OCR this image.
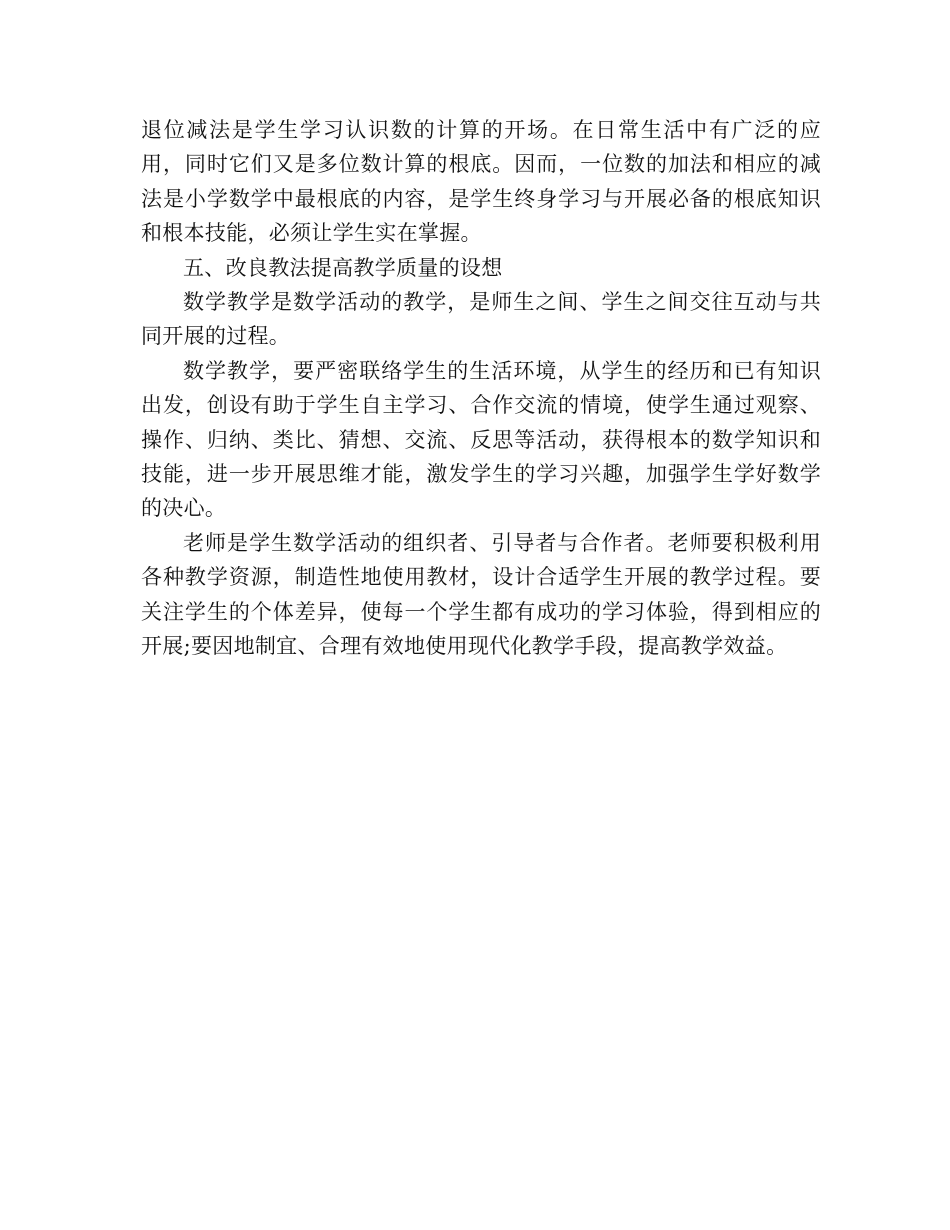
退位减法是学生学习认识数的计算的开场。在日常生活中有广泛的应用，同时它们又是多位数计算的根底。因而，一位数的加法和相应的减法是小学数学中最根底的内容，是学生终身学习与开展必备的根底知识和根本技能，必须让学生实在掌握。

五、改良教法提高教学质量的设想

数学教学是数学活动的教学，是师生之间、学生之间交往互动与共同开展的过程。

数学教学，要严密联络学生的生活环境，从学生的经历和已有知识出发，创设有助于学生自主学习、合作交流的情境，使学生通过观察、操作、归纳、类比、猜想、交流、反思等活动，获得根本的数学知识和技能，进一步开展思维才能，激发学生的学习兴趣，加强学生学好数学的决心。

老师是学生数学活动的组织者、引导者与合作者。老师要积极利用各种教学资源，制造性地使用教材，设计合适学生开展的教学过程。要关注学生的个体差异，使每一个学生都有成功的学习体验，得到相应的开展;要因地制宜、合理有效地使用现代化教学手段，提高教学效益。
